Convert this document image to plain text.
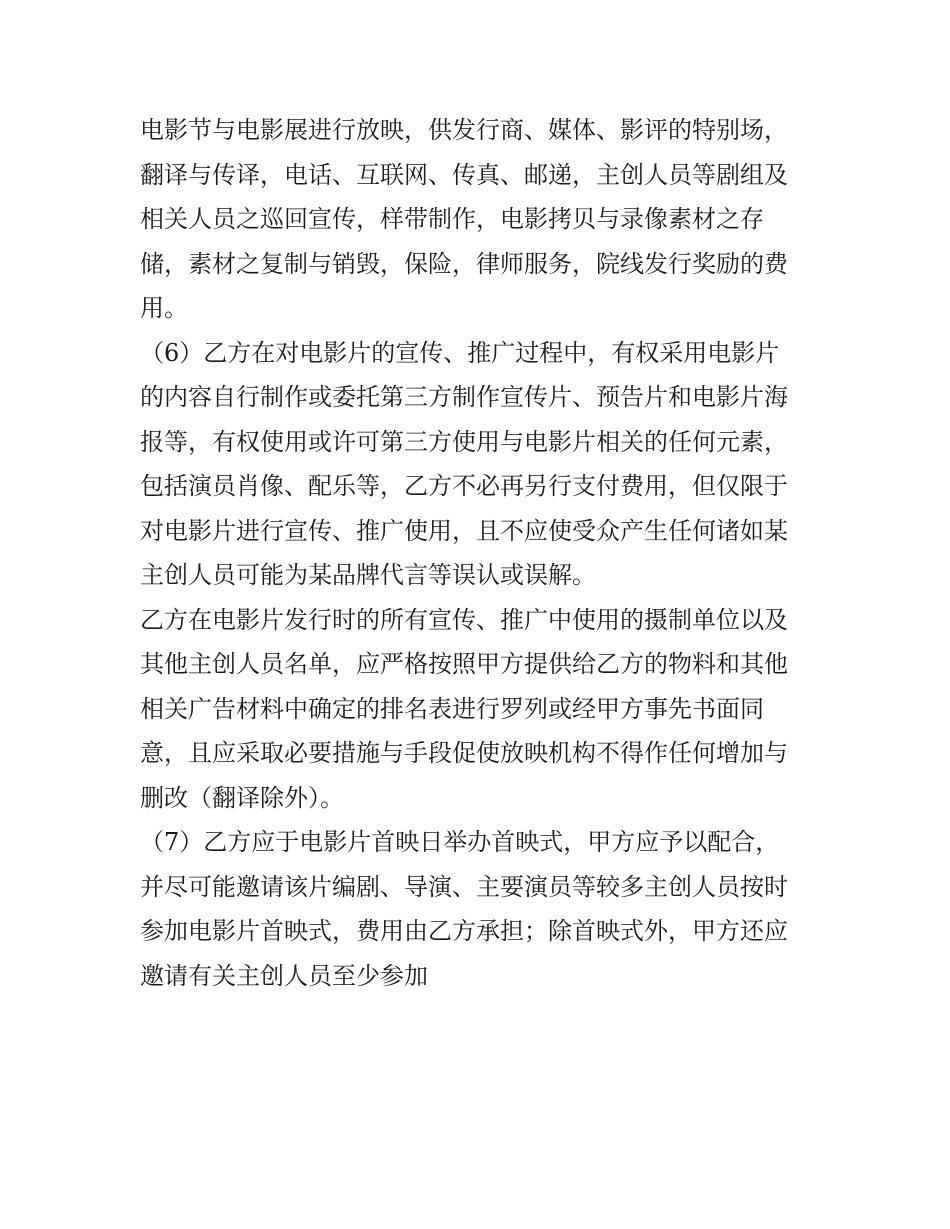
电影节与电影展进行放映，供发行商、媒体、影评的特别场，
翻译与传译，电话、互联网、传真、邮递，主创人员等剧组及
相关人员之巡回宣传，样带制作，电影拷贝与录像素材之存
储，素材之复制与销毁，保险，律师服务，院线发行奖励的费
用。
（6）乙方在对电影片的宣传、推广过程中，有权采用电影片
的内容自行制作或委托第三方制作宣传片、预告片和电影片海
报等，有权使用或许可第三方使用与电影片相关的任何元素，
包括演员肖像、配乐等，乙方不必再另行支付费用，但仅限于
对电影片进行宣传、推广使用，且不应使受众产生任何诸如某
主创人员可能为某品牌代言等误认或误解。
乙方在电影片发行时的所有宣传、推广中使用的摄制单位以及
其他主创人员名单，应严格按照甲方提供给乙方的物料和其他
相关广告材料中确定的排名表进行罗列或经甲方事先书面同
意，且应采取必要措施与手段促使放映机构不得作任何增加与
删改（翻译除外）。
（7）乙方应于电影片首映日举办首映式，甲方应予以配合，
并尽可能邀请该片编剧、导演、主要演员等较多主创人员按时
参加电影片首映式，费用由乙方承担；除首映式外，甲方还应
邀请有关主创人员至少参加
